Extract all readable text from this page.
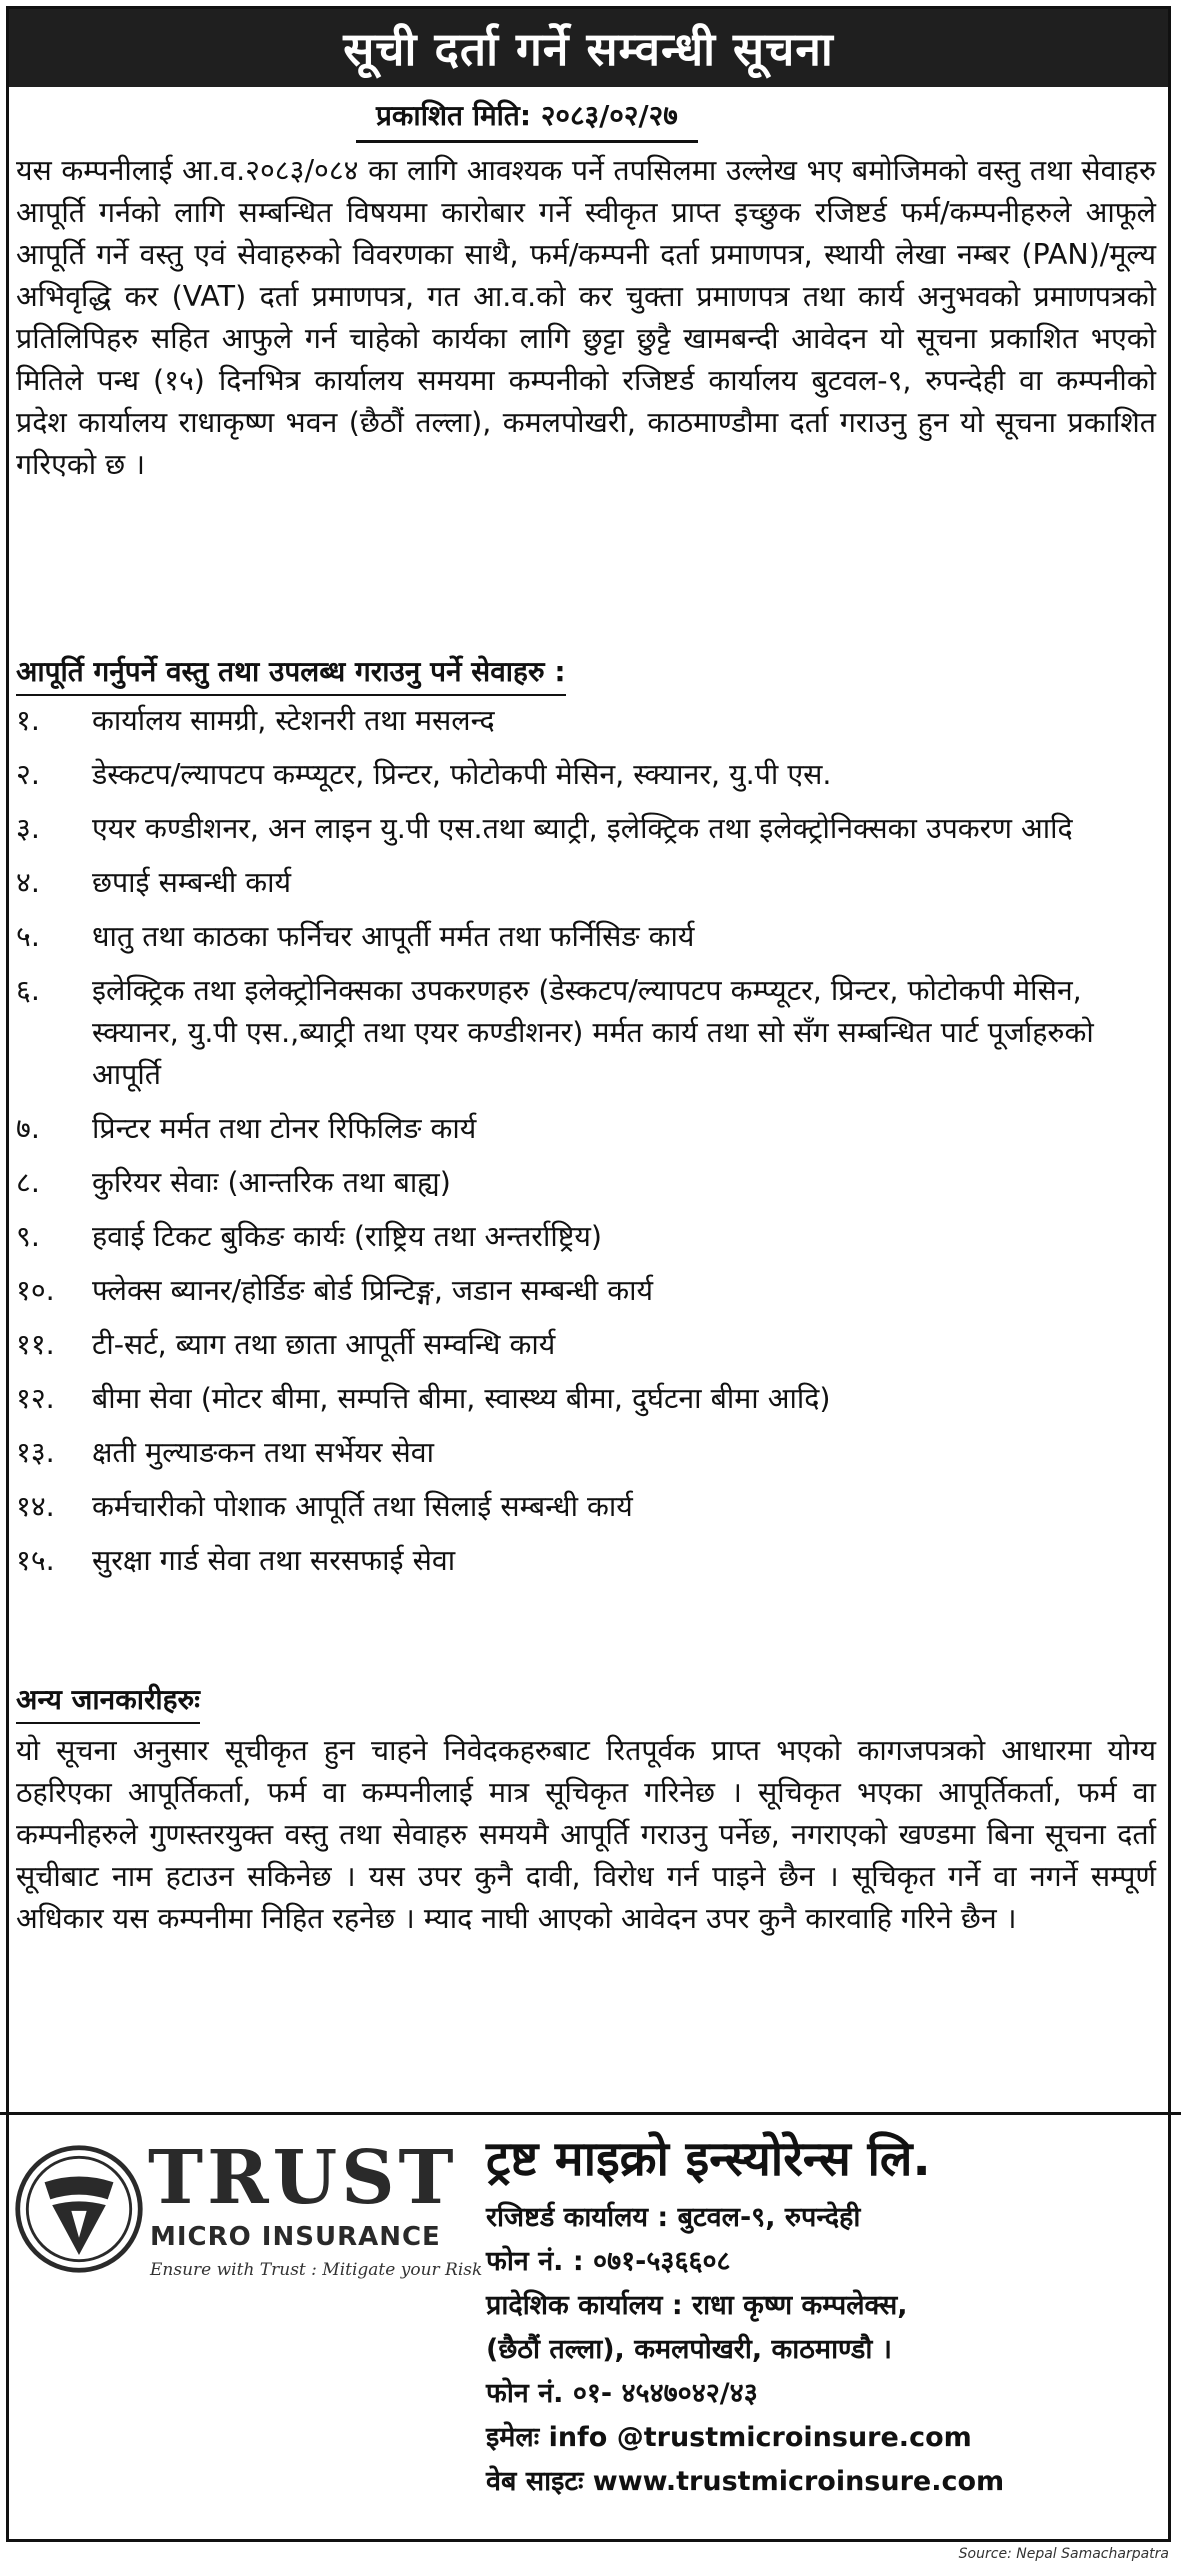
सूची दर्ता गर्ने सम्वन्धी सूचना
प्रकाशित मिति: २०८३/०२/२७

यस कम्पनीलाई आ.व.२०८३/०८४ का लागि आवश्यक पर्ने तपसिलमा उल्लेख भए बमोजिमको वस्तु तथा सेवाहरु आपूर्ति गर्नको लागि सम्बन्धित विषयमा कारोबार गर्ने स्वीकृत प्राप्त इच्छुक रजिष्टर्ड फर्म/कम्पनीहरुले आफूले आपूर्ति गर्ने वस्तु एवं सेवाहरुको विवरणका साथै, फर्म/कम्पनी दर्ता प्रमाणपत्र, स्थायी लेखा नम्बर (PAN)/मूल्य अभिवृद्धि कर (VAT) दर्ता प्रमाणपत्र, गत आ.व.को कर चुक्ता प्रमाणपत्र तथा कार्य अनुभवको प्रमाणपत्रको प्रतिलिपिहरु सहित आफुले गर्न चाहेको कार्यका लागि छुट्टा छुट्टै खामबन्दी आवेदन यो सूचना प्रकाशित भएको मितिले पन्ध (१५) दिनभित्र कार्यालय समयमा कम्पनीको रजिष्टर्ड कार्यालय बुटवल-९, रुपन्देही वा कम्पनीको प्रदेश कार्यालय राधाकृष्ण भवन (छैठौं तल्ला), कमलपोखरी, काठमाण्डौमा दर्ता गराउनु हुन यो सूचना प्रकाशित गरिएको छ ।

आपूर्ति गर्नुपर्ने वस्तु तथा उपलब्ध गराउनु पर्ने सेवाहरु :
१.	कार्यालय सामग्री, स्टेशनरी तथा मसलन्द
२.	डेस्कटप/ल्यापटप कम्प्यूटर, प्रिन्टर, फोटोकपी मेसिन, स्क्यानर, यु.पी एस.
३.	एयर कण्डीशनर, अन लाइन यु.पी एस.तथा ब्याट्री, इलेक्ट्रिक तथा इलेक्ट्रोनिक्सका उपकरण आदि
४.	छपाई सम्बन्धी कार्य
५.	धातु तथा काठका फर्निचर आपूर्ती मर्मत तथा फर्निसिङ कार्य
६.	इलेक्ट्रिक तथा इलेक्ट्रोनिक्सका उपकरणहरु (डेस्कटप/ल्यापटप कम्प्यूटर, प्रिन्टर, फोटोकपी मेसिन, स्क्यानर, यु.पी एस.,ब्याट्री तथा एयर कण्डीशनर) मर्मत कार्य तथा सो सँग सम्बन्धित पार्ट पूर्जाहरुको आपूर्ति
७.	प्रिन्टर मर्मत तथा टोनर रिफिलिङ कार्य
८.	कुरियर सेवाः (आन्तरिक तथा बाह्य)
९.	हवाई टिकट बुकिङ कार्यः (राष्ट्रिय तथा अन्तर्राष्ट्रिय)
१०.	फ्लेक्स ब्यानर/होर्डिङ बोर्ड प्रिन्टिङ्ग, जडान सम्बन्धी कार्य
११.	टी-सर्ट, ब्याग तथा छाता आपूर्ती सम्वन्धि कार्य
१२.	बीमा सेवा (मोटर बीमा, सम्पत्ति बीमा, स्वास्थ्य बीमा, दुर्घटना बीमा आदि)
१३.	क्षती मुल्याङकन तथा सर्भेयर सेवा
१४.	कर्मचारीको पोशाक आपूर्ति तथा सिलाई सम्बन्धी कार्य
१५.	सुरक्षा गार्ड सेवा तथा सरसफाई सेवा
अन्य जानकारीहरुः

यो सूचना अनुसार सूचीकृत हुन चाहने निवेदकहरुबाट रितपूर्वक प्राप्त भएको कागजपत्रको आधारमा योग्य ठहरिएका आपूर्तिकर्ता, फर्म वा कम्पनीलाई मात्र सूचिकृत गरिनेछ । सूचिकृत भएका आपूर्तिकर्ता, फर्म वा कम्पनीहरुले गुणस्तरयुक्त वस्तु तथा सेवाहरु समयमै आपूर्ति गराउनु पर्नेछ, नगराएको खण्डमा बिना सूचना दर्ता सूचीबाट नाम हटाउन सकिनेछ । यस उपर कुनै दावी, विरोध गर्न पाइने छैन । सूचिकृत गर्ने वा नगर्ने सम्पूर्ण अधिकार यस कम्पनीमा निहित रहनेछ । म्याद नाघी आएको आवेदन उपर कुनै कारवाहि गरिने छैन ।

TRUST
MICRO INSURANCE
Ensure with Trust : Mitigate your Risk
ट्रष्ट माइक्रो इन्स्योरेन्स लि.
रजिष्टर्ड कार्यालय : बुटवल-९, रुपन्देही
फोन नं. : ०७१-५३६६०८
प्रादेशिक कार्यालय : राधा कृष्ण कम्पलेक्स,
(छैठौं तल्ला), कमलपोखरी, काठमाण्डौ ।
फोन नं. ०१- ४५४७०४२/४३
इमेलः info @trustmicroinsure.com
वेब साइटः www.trustmicroinsure.com
Source: Nepal Samacharpatra
